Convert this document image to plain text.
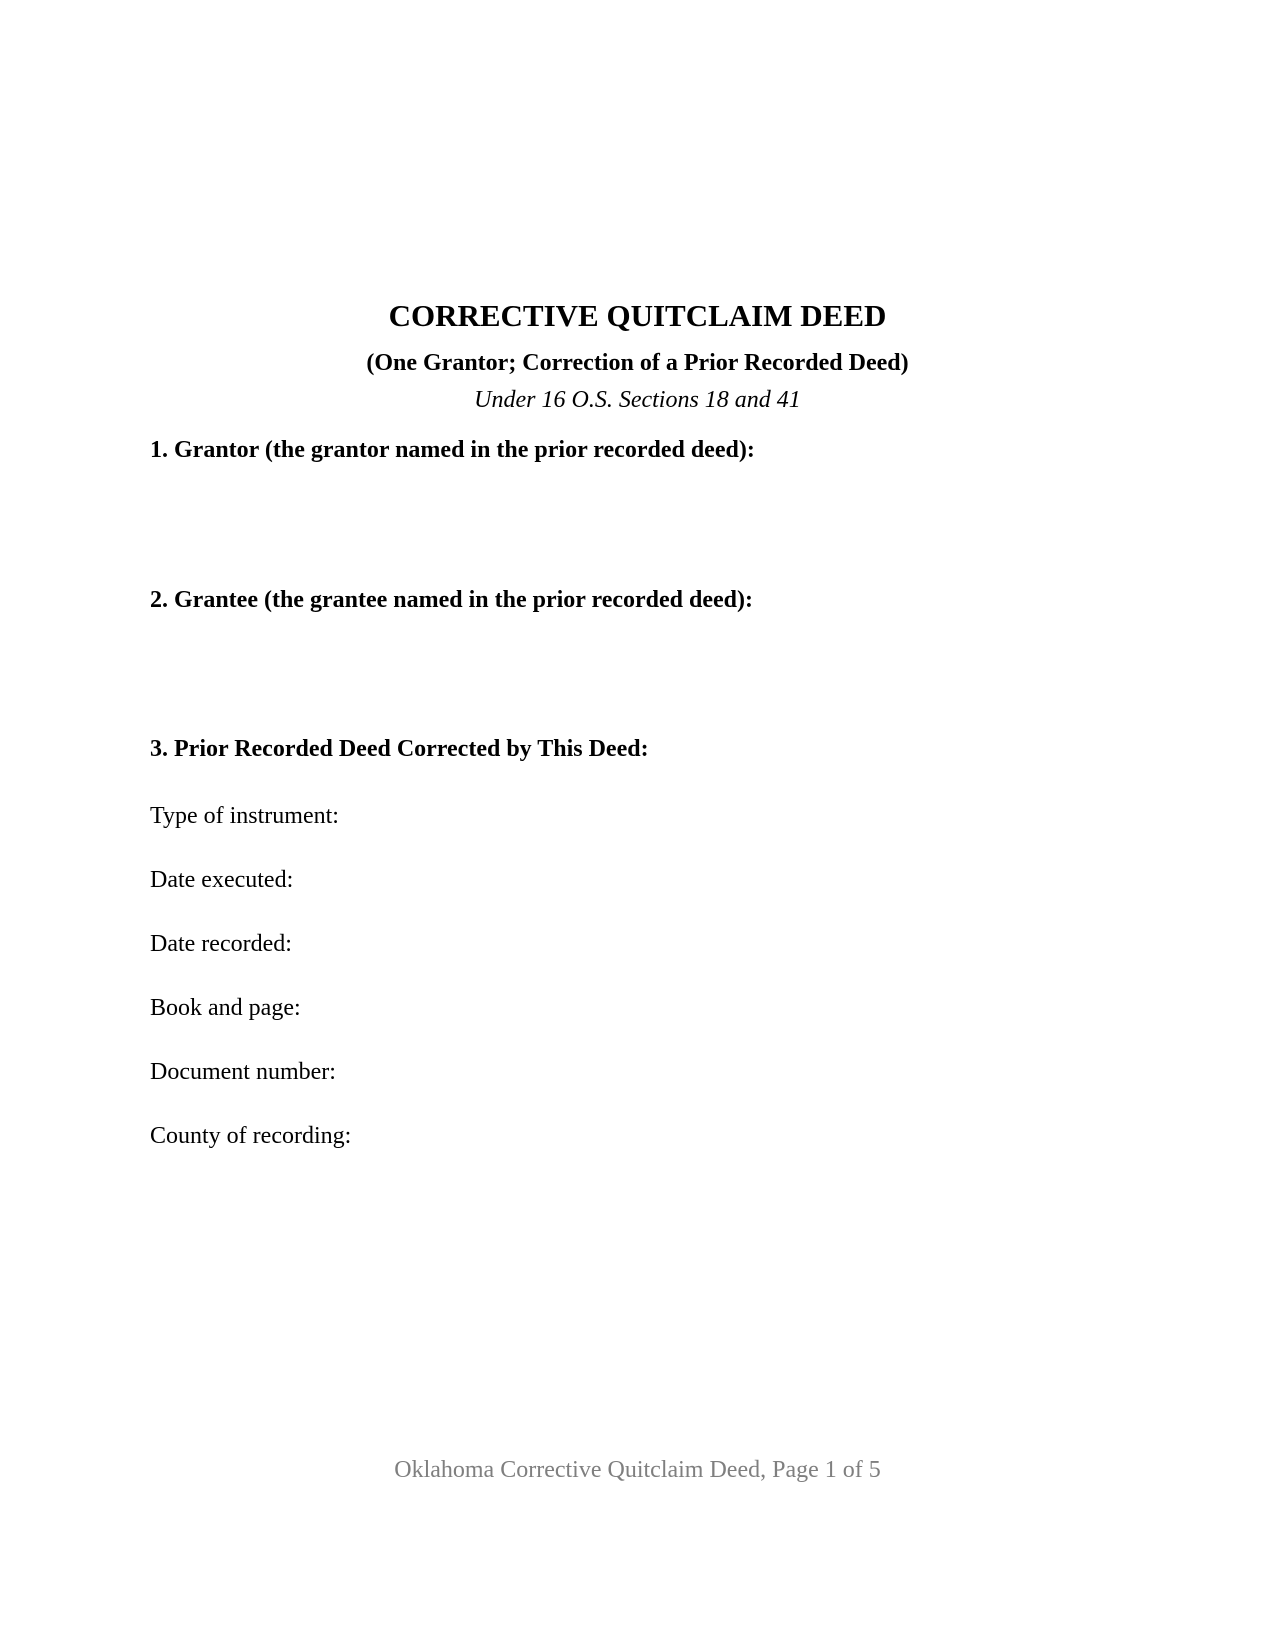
CORRECTIVE QUITCLAIM DEED
(One Grantor; Correction of a Prior Recorded Deed)
Under 16 O.S. Sections 18 and 41
1. Grantor (the grantor named in the prior recorded deed):
2. Grantee (the grantee named in the prior recorded deed):
3. Prior Recorded Deed Corrected by This Deed:
Type of instrument:
Date executed:
Date recorded:
Book and page:
Document number:
County of recording:
Oklahoma Corrective Quitclaim Deed, Page 1 of 5
